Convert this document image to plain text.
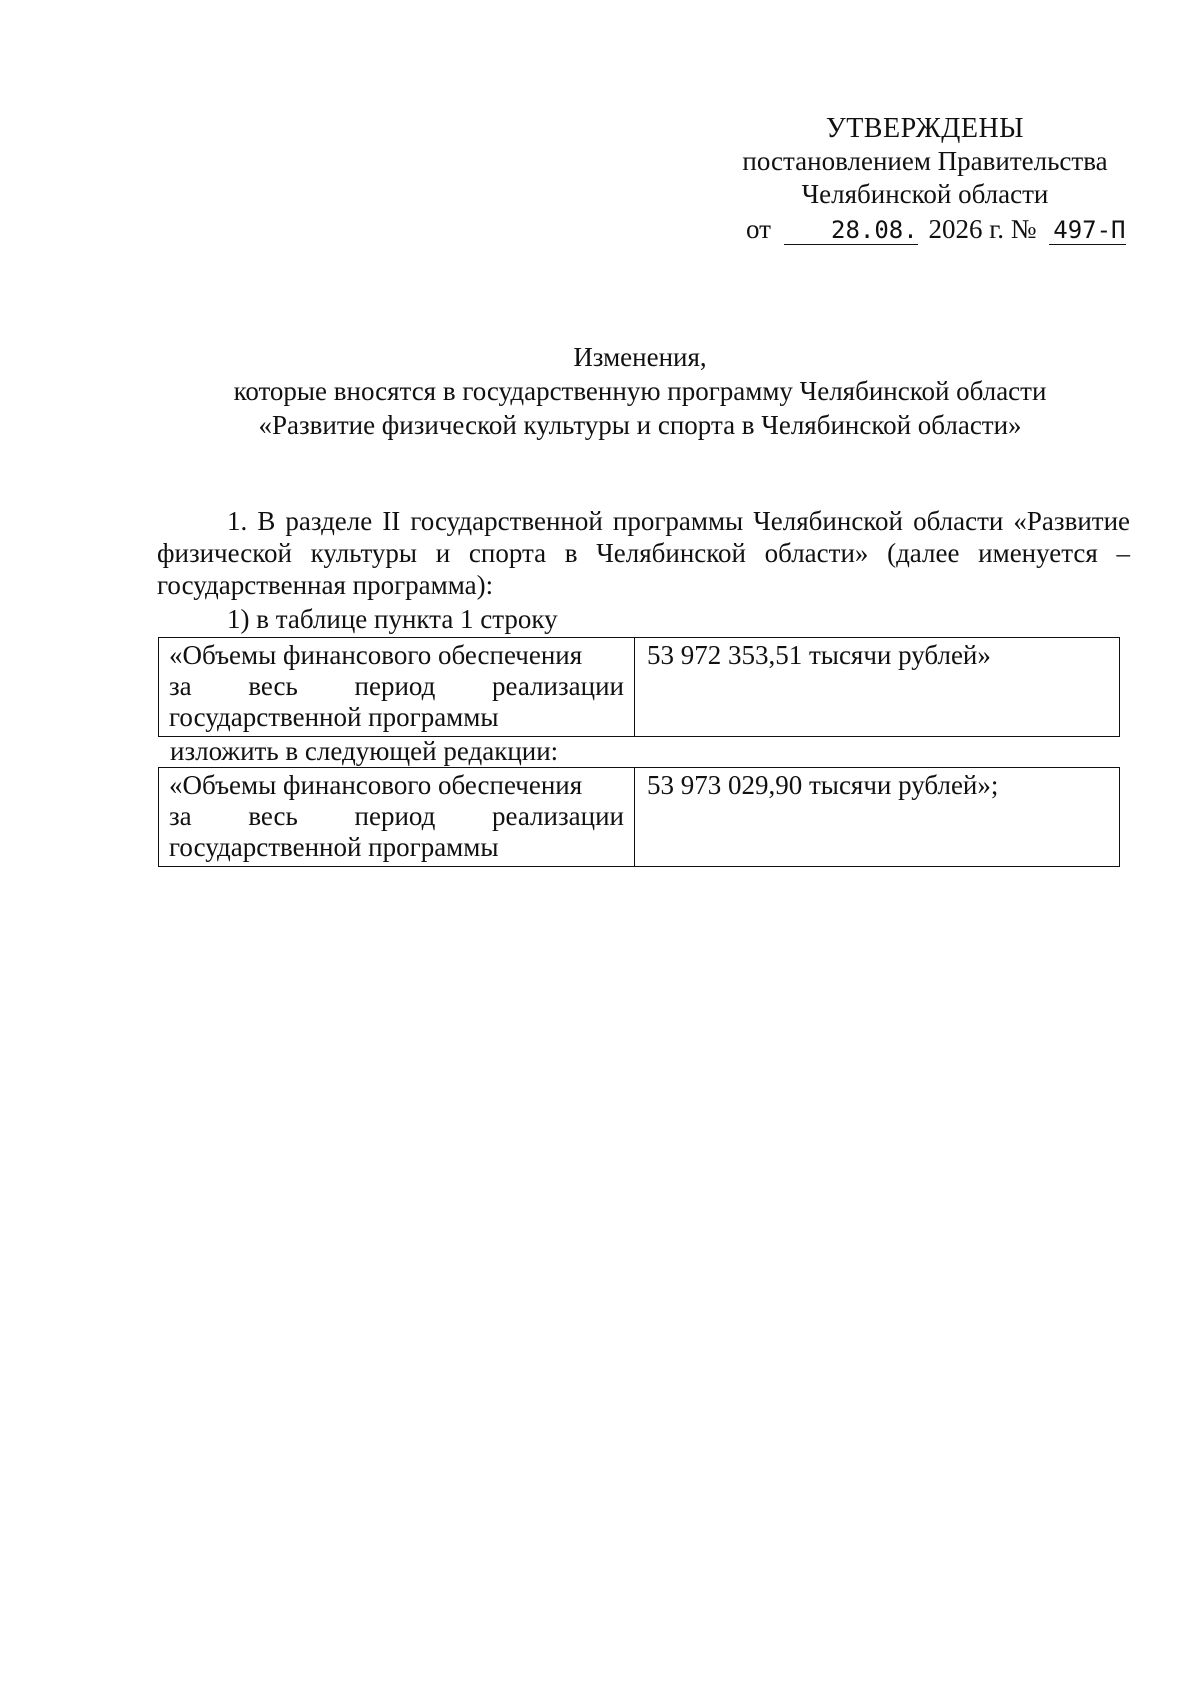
УТВЕРЖДЕНЫ
постановлением Правительства
Челябинской области
от	28.08. 2026 г. № 497-П
Изменения,
которые вносятся в государственную программу Челябинской области
«Развитие физической культуры и спорта в Челябинской области»
1. В разделе II государственной программы Челябинской области «Развитие физической культуры и спорта в Челябинской области» (далее именуется – государственная программа):
1) в таблице пункта 1 строку
«Объемы финансового обеспечения
за весь период реализации
государственной программы
	53 972 353,51 тысячи рублей»
изложить в следующей редакции:
«Объемы финансового обеспечения
за весь период реализации
государственной программы
	53 973 029,90 тысячи рублей»;
